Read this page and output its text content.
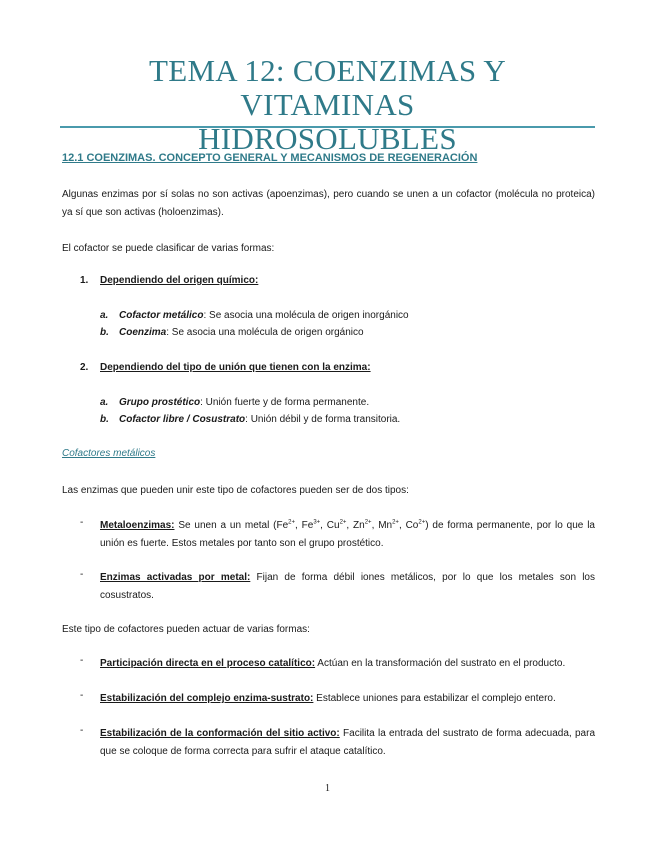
TEMA 12: COENZIMAS Y VITAMINAS
HIDROSOLUBLES
12.1 COENZIMAS. CONCEPTO GENERAL Y MECANISMOS DE REGENERACIÓN
Algunas enzimas por sí solas no son activas (apoenzimas), pero cuando se unen a un cofactor (molécula no proteica) ya sí que son activas (holoenzimas).
El cofactor se puede clasificar de varias formas:
1. Dependiendo del origen químico:
a. Cofactor metálico: Se asocia una molécula de origen inorgánico
b. Coenzima: Se asocia una molécula de origen orgánico
2. Dependiendo del tipo de unión que tienen con la enzima:
a. Grupo prostético: Unión fuerte y de forma permanente.
b. Cofactor libre / Cosustrato: Unión débil y de forma transitoria.
Cofactores metálicos
Las enzimas que pueden unir este tipo de cofactores pueden ser de dos tipos:
- Metaloenzimas: Se unen a un metal ($Fe^{2+}$, $Fe^{3+}$, $Cu^{2+}$, $Zn^{2+}$, $Mn^{2+}$, $Co^{2+}$) de forma permanente, por lo que la unión es fuerte. Estos metales por tanto son el grupo prostético.
- Enzimas activadas por metal: Fijan de forma débil iones metálicos, por lo que los metales son los cosustratos.
Este tipo de cofactores pueden actuar de varias formas:
- Participación directa en el proceso catalítico: Actúan en la transformación del sustrato en el producto.
- Estabilización del complejo enzima-sustrato: Establece uniones para estabilizar el complejo entero.
- Estabilización de la conformación del sitio activo: Facilita la entrada del sustrato de forma adecuada, para que se coloque de forma correcta para sufrir el ataque catalítico.
1
